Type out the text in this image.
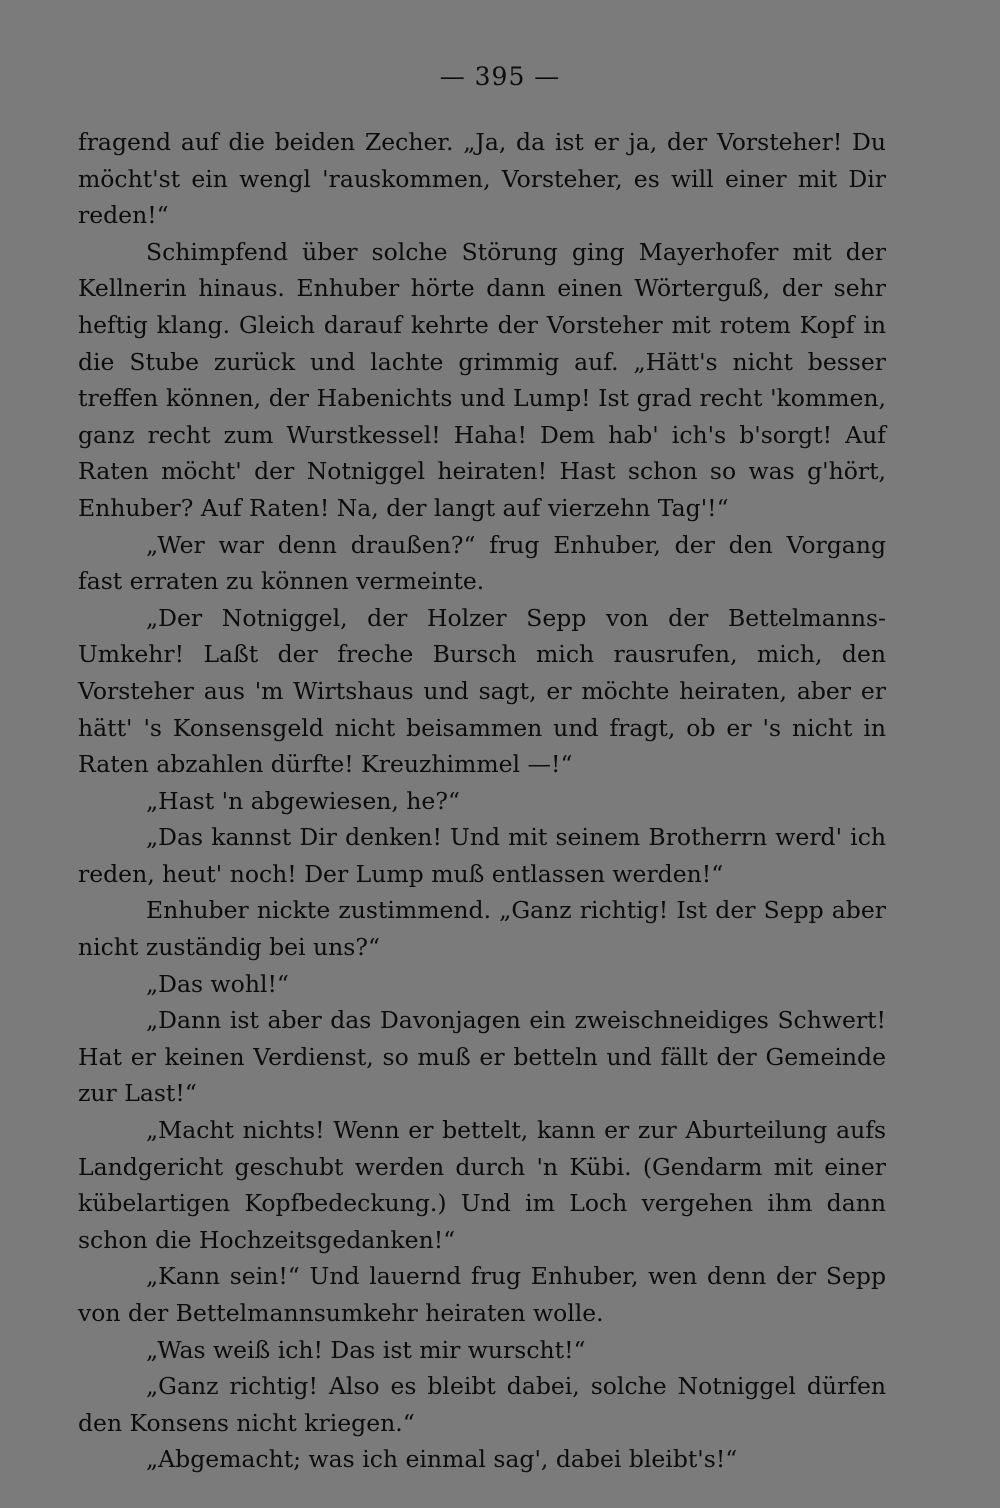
— 395 —

fragend auf die beiden Zecher. „Ja, da ist er ja, der Vorsteher! Du möcht'st ein wengl 'rauskommen, Vorsteher, es will einer mit Dir reden!“

Schimpfend über solche Störung ging Mayerhofer mit der Kellnerin hinaus. Enhuber hörte dann einen Wörterguß, der sehr heftig klang. Gleich darauf kehrte der Vorsteher mit rotem Kopf in die Stube zurück und lachte grimmig auf. „Hätt's nicht besser treffen können, der Habenichts und Lump! Ist grad recht 'kommen, ganz recht zum Wurstkessel! Haha! Dem hab' ich's b'sorgt! Auf Raten möcht' der Notniggel heiraten! Hast schon so was g'hört, Enhuber? Auf Raten! Na, der langt auf vierzehn Tag'!“

„Wer war denn draußen?“ frug Enhuber, der den Vorgang fast erraten zu können vermeinte.

„Der Notniggel, der Holzer Sepp von der Bettelmanns-Umkehr! Laßt der freche Bursch mich rausrufen, mich, den Vorsteher aus 'm Wirtshaus und sagt, er möchte heiraten, aber er hätt' 's Konsensgeld nicht beisammen und fragt, ob er 's nicht in Raten abzahlen dürfte! Kreuzhimmel —!“

„Hast 'n abgewiesen, he?“

„Das kannst Dir denken! Und mit seinem Brotherrn werd' ich reden, heut' noch! Der Lump muß entlassen werden!“

Enhuber nickte zustimmend. „Ganz richtig! Ist der Sepp aber nicht zuständig bei uns?“

„Das wohl!“

„Dann ist aber das Davonjagen ein zweischneidiges Schwert! Hat er keinen Verdienst, so muß er betteln und fällt der Gemeinde zur Last!“

„Macht nichts! Wenn er bettelt, kann er zur Aburteilung aufs Landgericht geschubt werden durch 'n Kübi. (Gendarm mit einer kübelartigen Kopfbedeckung.) Und im Loch vergehen ihm dann schon die Hochzeitsgedanken!“

„Kann sein!“ Und lauernd frug Enhuber, wen denn der Sepp von der Bettelmannsumkehr heiraten wolle.

„Was weiß ich! Das ist mir wurscht!“

„Ganz richtig! Also es bleibt dabei, solche Notniggel dürfen den Konsens nicht kriegen.“

„Abgemacht; was ich einmal sag', dabei bleibt's!“
